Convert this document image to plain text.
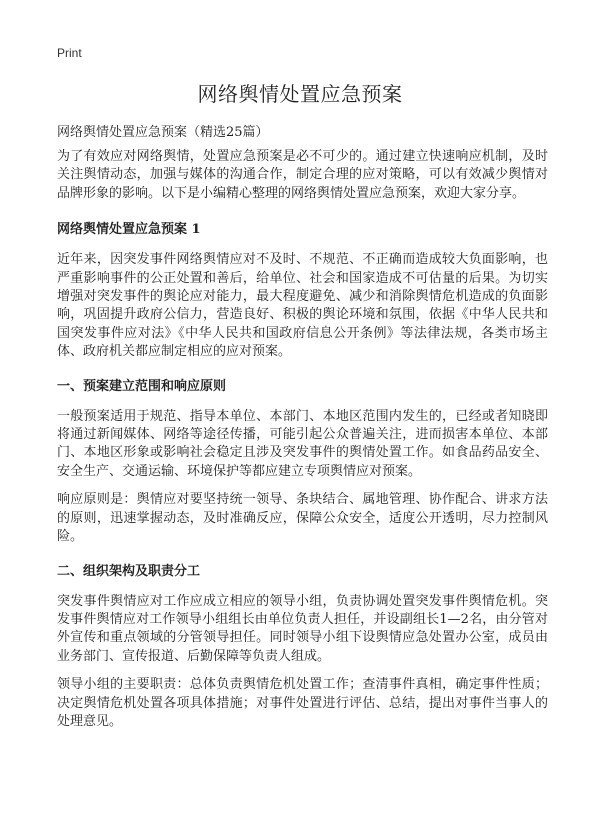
Print
网络舆情处置应急预案

网络舆情处置应急预案（精选25篇）

为了有效应对网络舆情，处置应急预案是必不可少的。通过建立快速响应机制，及时关注舆情动态，加强与媒体的沟通合作，制定合理的应对策略，可以有效减少舆情对品牌形象的影响。以下是小编精心整理的网络舆情处置应急预案，欢迎大家分享。

网络舆情处置应急预案 1

近年来，因突发事件网络舆情应对不及时、不规范、不正确而造成较大负面影响，也严重影响事件的公正处置和善后，给单位、社会和国家造成不可估量的后果。为切实增强对突发事件的舆论应对能力，最大程度避免、减少和消除舆情危机造成的负面影响，巩固提升政府公信力，营造良好、积极的舆论环境和氛围，依据《中华人民共和国突发事件应对法》《中华人民共和国政府信息公开条例》等法律法规，各类市场主体、政府机关都应制定相应的应对预案。

一、预案建立范围和响应原则

一般预案适用于规范、指导本单位、本部门、本地区范围内发生的，已经或者知晓即将通过新闻媒体、网络等途径传播，可能引起公众普遍关注，进而损害本单位、本部门、本地区形象或影响社会稳定且涉及突发事件的舆情处置工作。如食品药品安全、安全生产、交通运输、环境保护等都应建立专项舆情应对预案。

响应原则是：舆情应对要坚持统一领导、条块结合、属地管理、协作配合、讲求方法的原则，迅速掌握动态，及时准确反应，保障公众安全，适度公开透明，尽力控制风险。

二、组织架构及职责分工

突发事件舆情应对工作应成立相应的领导小组，负责协调处置突发事件舆情危机。突发事件舆情应对工作领导小组组长由单位负责人担任，并设副组长1—2名，由分管对外宣传和重点领域的分管领导担任。同时领导小组下设舆情应急处置办公室，成员由业务部门、宣传报道、后勤保障等负责人组成。

领导小组的主要职责：总体负责舆情危机处置工作；查清事件真相，确定事件性质；决定舆情危机处置各项具体措施；对事件处置进行评估、总结，提出对事件当事人的处理意见。
